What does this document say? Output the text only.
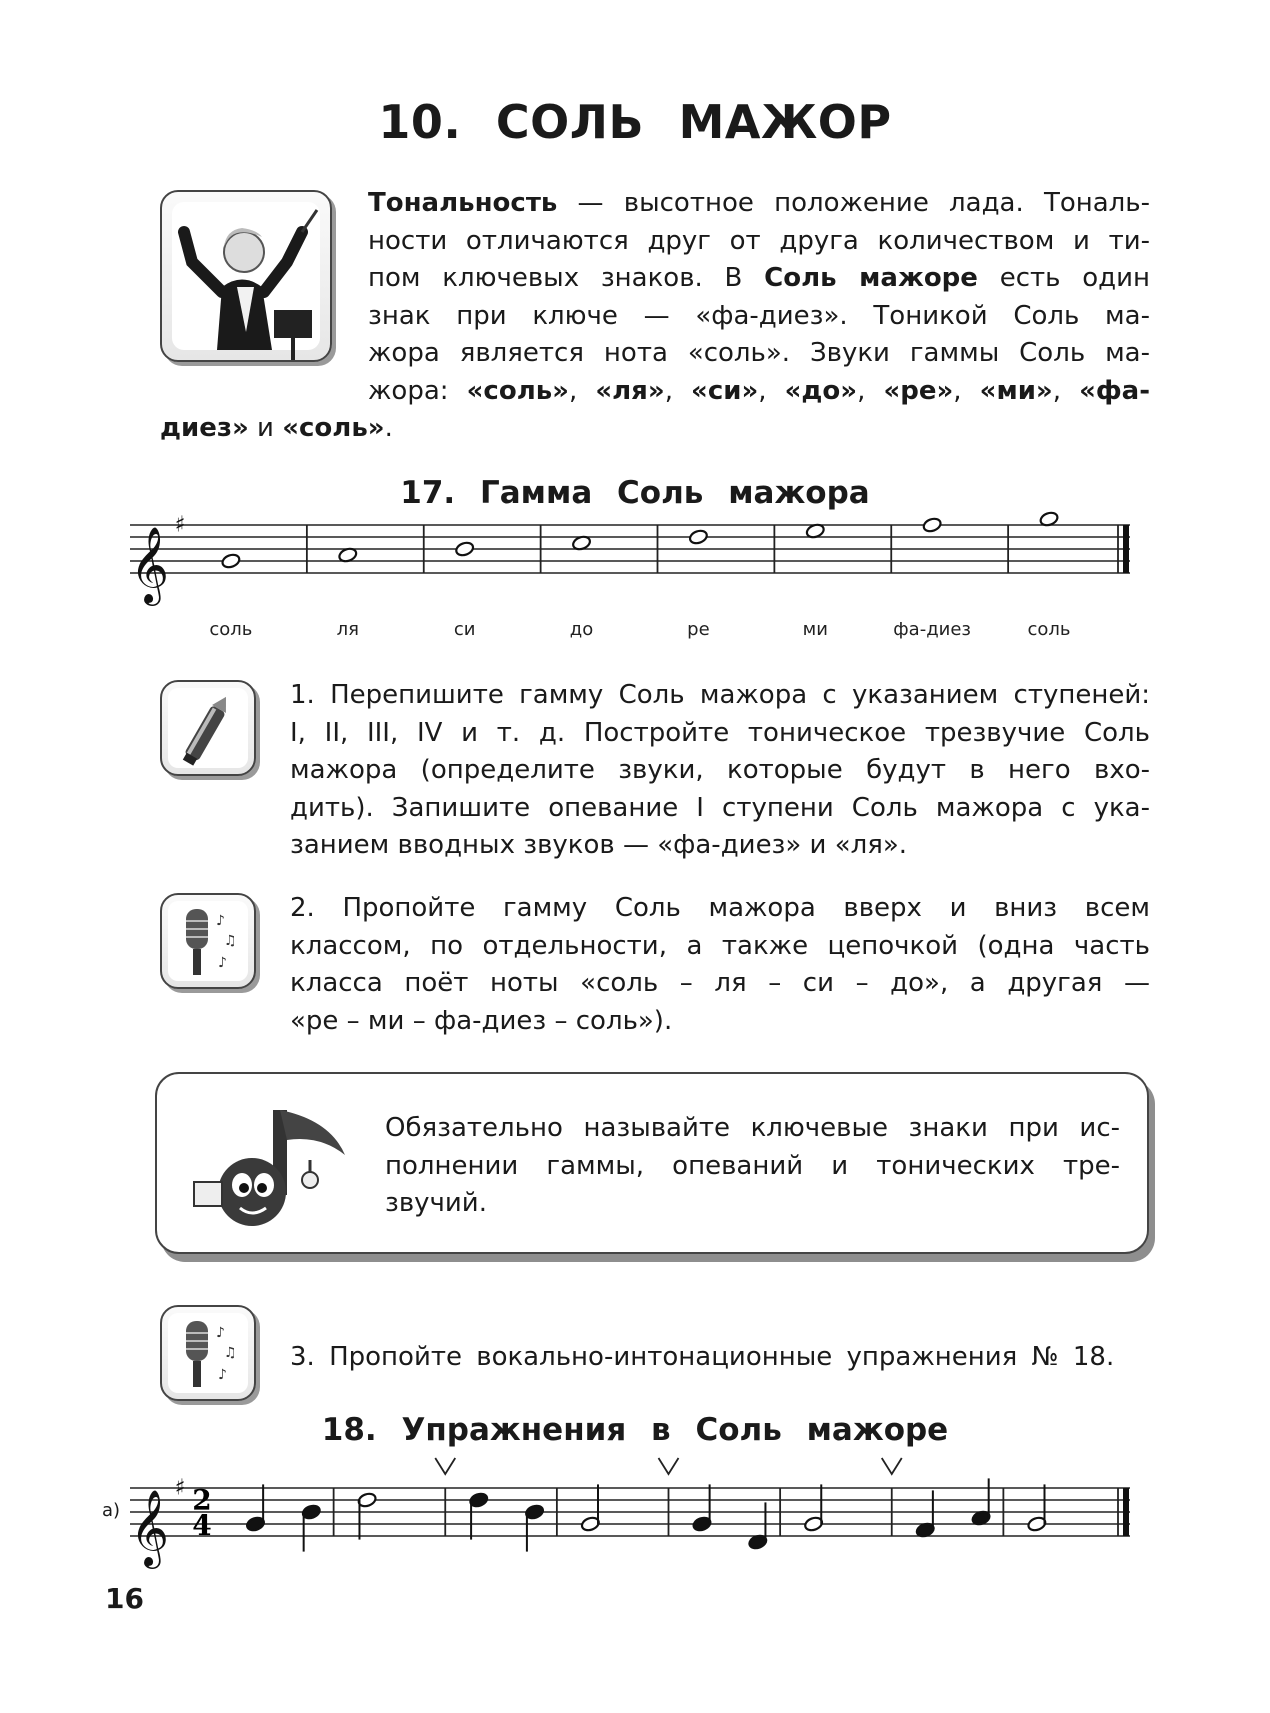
10. СОЛЬ МАЖОР
Тональность — высотное положение лада. Тональ-
ности отличаются друг от друга количеством и ти-
пом ключевых знаков. В Соль мажоре есть один
знак при ключе — «фа-диез». Тоникой Соль ма-
жора является нота «соль». Звуки гаммы Соль ма-
жора: «соль», «ля», «си», «до», «ре», «ми», «фа-
диез» и «соль».
17. Гамма Соль мажора
𝄞
♯
соль	ля	си	до	ре	ми	фа-диез	соль
1. Перепишите гамму Соль мажора с указанием ступеней:
I, II, III, IV и т. д. Постройте тоническое трезвучие Соль
мажора (определите звуки, которые будут в него вхо-
дить). Запишите опевание I ступени Соль мажора с ука-
занием вводных звуков — «фа-диез» и «ля».
♪
♫
♪
2. Пропойте гамму Соль мажора вверх и вниз всем
классом, по отдельности, а также цепочкой (одна часть
класса поёт ноты «соль – ля – си – до», а другая —
«ре – ми – фа-диез – соль»).
Обязательно называйте ключевые знаки при ис-
полнении гаммы, опеваний и тонических тре-
звучий.
♪
♫
♪
3. Пропойте вокально-интонационные упражнения № 18.
18. Упражнения в Соль мажоре
а) 𝄞
♯ 2
4
16
